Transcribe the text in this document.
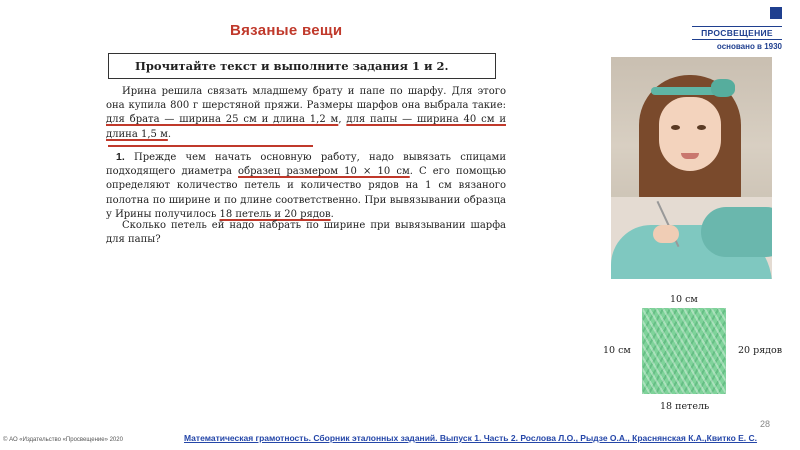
Вязаные вещи	ПРОСВЕЩЕНИЕ
основано в 1930
Прочитайте текст и выполните задания 1 и 2.

Ирина решила связать младшему брату и папе по шарфу. Для этого она купила 800 г шерстяной пряжи. Размеры шарфов она выбрала такие: для брата — ширина 25 см и длина 1,2 м, для папы — ширина 40 см и длина 1,5 м.

1. Прежде чем начать основную работу, надо вывязать спицами подходящего диаметра образец размером 10 × 10 см. С его помощью определяют количество петель и количество рядов на 1 см вязаного полотна по ширине и по длине соответственно. При вывязывании образца у Ирины получилось 18 петель и 20 рядов.

Сколько петель ей надо набрать по ширине при вывязывании шарфа для папы?

10 см
10 см	20 рядов
18 петель
28
© АО «Издательство «Просвещение» 2020	Математическая грамотность. Сборник эталонных заданий. Выпуск 1. Часть 2. Рослова Л.О., Рыдзе О.А., Краснянская К.А.,Квитко Е. С.
